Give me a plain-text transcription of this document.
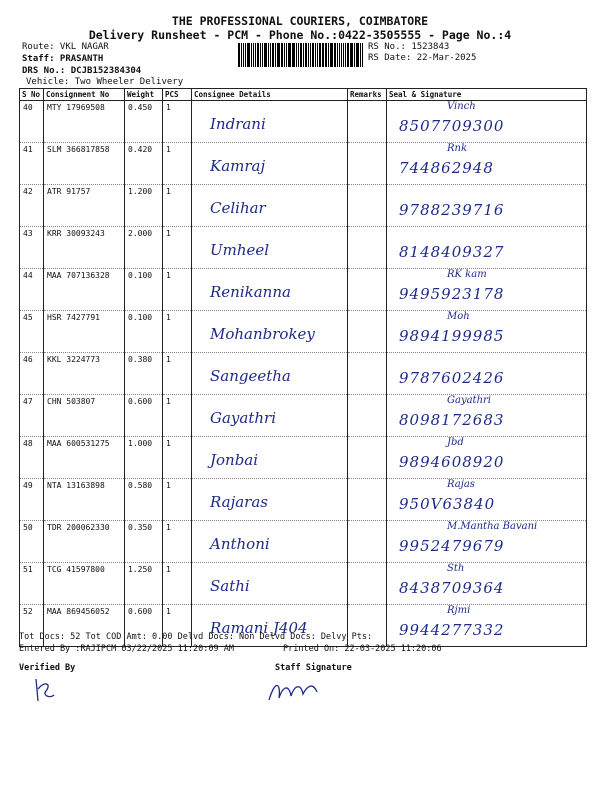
THE PROFESSIONAL COURIERS, COIMBATORE
Delivery Runsheet - PCM - Phone No.:0422-3505555 - Page No.:4
Route: VKL NAGAR
Staff: PRASANTH
DRS No.: DCJB152384304
Vehicle: Two Wheeler Delivery
RS No.: 1523843
RS Date: 22-Mar-2025
S No	Consignment No	Weight	PCS	Consignee Details	Remarks	Seal & Signature
40	MTY 17969508	0.450	1	Indrani		Vinch
8507709300

41	SLM 366817858	0.420	1	Kamraj		Rnk
744862948

42	ATR 91757	1.200	1	Celihar		9788239716

43	KRR 30093243	2.000	1	Umheel		8148409327

44	MAA 707136328	0.100	1	Renikanna		RK kam
9495923178

45	HSR 7427791	0.100	1	Mohanbrokey		Moh
9894199985

46	KKL 3224773	0.380	1	Sangeetha		9787602426

47	CHN 503807	0.600	1	Gayathri		Gayathri
8098172683

48	MAA 600531275	1.000	1	Jonbai		Jbd
9894608920

49	NTA 13163898	0.580	1	Rajaras		Rajas
950V63840

50	TDR 200062330	0.350	1	Anthoni		M.Mantha Bavani
9952479679

51	TCG 41597800	1.250	1	Sathi		Sth
8438709364

52	MAA 869456052	0.600	1	Ramani J404		Rjmi
9944277332
Tot Docs: 52 Tot COD Amt: 0.00 Delvd Docs: Non Delvd Docs: Delvy Pts:
Entered By :RAJIPCM 03/22/2025 11:20:09 AM	Printed On: 22-03-2025 11:20:06
Verified By	Staff Signature
